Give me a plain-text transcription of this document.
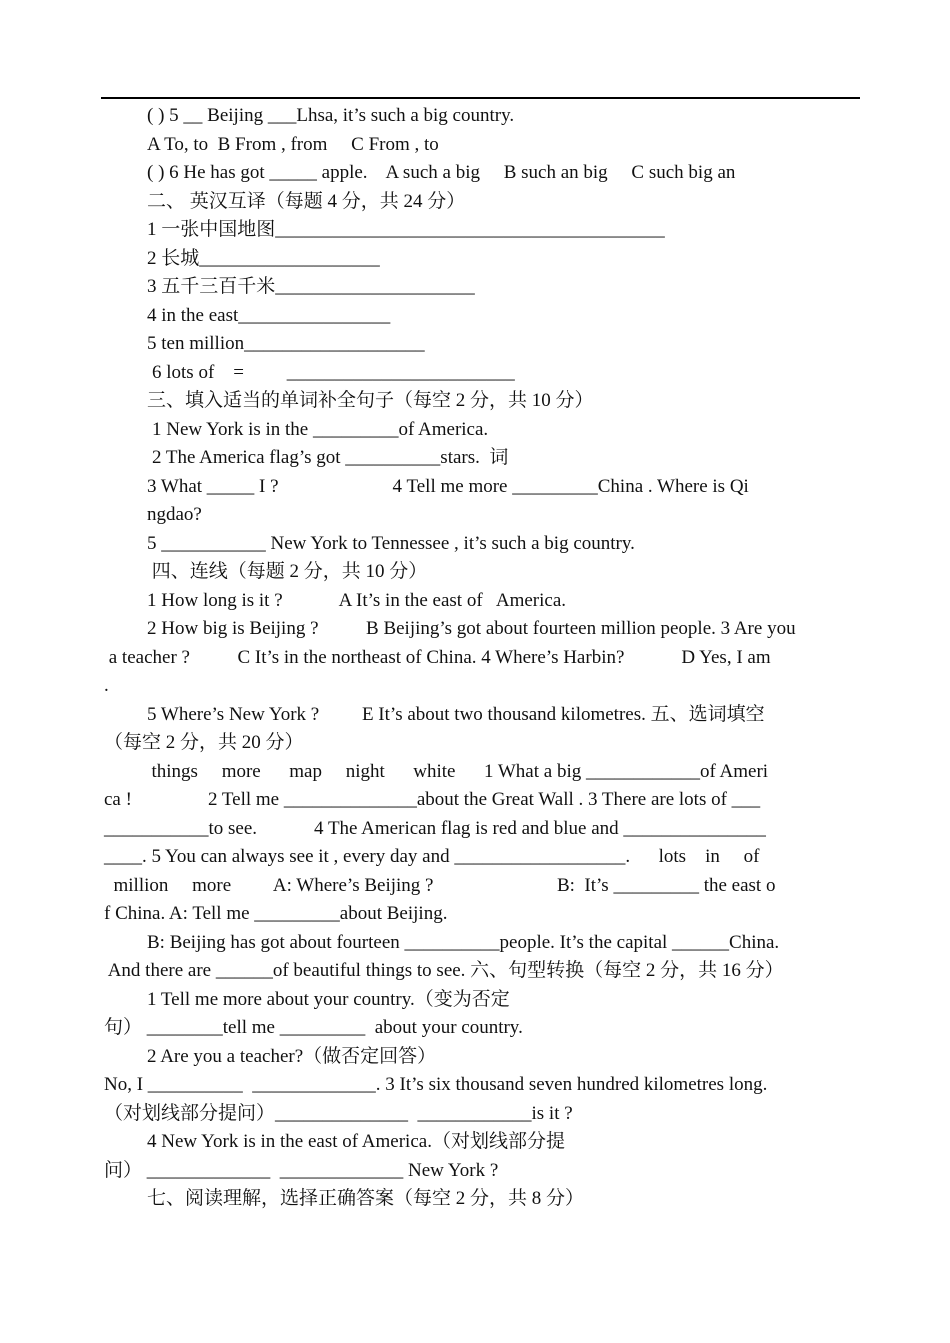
( ) 5 __ Beijing ___Lhsa, it’s such a big country.
A To, to  B From , from     C From , to
( ) 6 He has got _____ apple.    A such a big     B such an big     C such big an
二、 英汉互译（每题 4 分，共 24 分）
1 一张中国地图_________________________________________
2 长城___________________
3 五千三百千米_____________________
4 in the east________________
5 ten million___________________
6 lots of    =         ________________________
三、填入适当的单词补全句子（每空 2 分，共 10 分）
1 New York is in the _________of America.
2 The America flag’s got __________stars.  词
3 What _____ I ?                        4 Tell me more _________China . Where is Qi
ngdao?
5 ___________ New York to Tennessee , it’s such a big country.
四、连线（每题 2 分，共 10 分）
1 How long is it ?            A It’s in the east of   America.
2 How big is Beijing ?          B Beijing’s got about fourteen million people. 3 Are you
a teacher ?          C It’s in the northeast of China. 4 Where’s Harbin?            D Yes, I am
.
5 Where’s New York ?         E It’s about two thousand kilometres. 五、选词填空
（每空 2 分，共 20 分）
things     more      map     night      white      1 What a big ____________of Ameri
ca !                2 Tell me ______________about the Great Wall . 3 There are lots of ___
___________to see.            4 The American flag is red and blue and _______________
____. 5 You can always see it , every day and __________________.      lots    in     of
million     more         A: Where’s Beijing ?                          B:  It’s _________ the east o
f China. A: Tell me _________about Beijing.
B: Beijing has got about fourteen __________people. It’s the capital ______China.
And there are ______of beautiful things to see. 六、句型转换（每空 2 分，共 16 分）
1 Tell me more about your country.（变为否定
句） ________tell me _________  about your country.
2 Are you a teacher?（做否定回答）
No, I __________  _____________. 3 It’s six thousand seven hundred kilometres long.
（对划线部分提问）______________  ____________is it ?
4 New York is in the east of America.（对划线部分提
问） _____________  _____________ New York ?
七、阅读理解，选择正确答案（每空 2 分，共 8 分）
